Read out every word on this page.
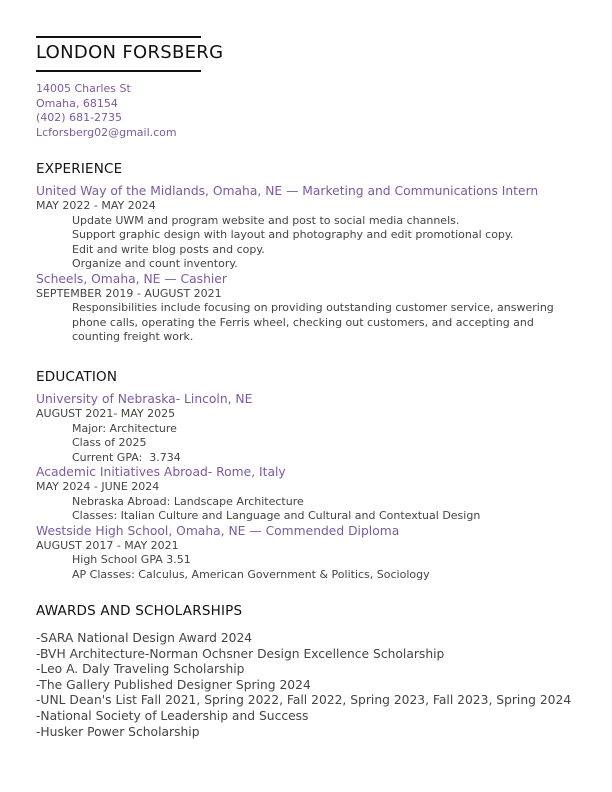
LONDON FORSBERG
14005 Charles St
Omaha, 68154
(402) 681-2735
Lcforsberg02@gmail.com
EXPERIENCE
United Way of the Midlands, Omaha, NE — Marketing and Communications Intern
MAY 2022 - MAY 2024
Update UWM and program website and post to social media channels.
Support graphic design with layout and photography and edit promotional copy.
Edit and write blog posts and copy.
Organize and count inventory.
Scheels, Omaha, NE — Cashier
SEPTEMBER 2019 - AUGUST 2021
Responsibilities include focusing on providing outstanding customer service, answering phone calls, operating the Ferris wheel, checking out customers, and accepting and counting freight work.
EDUCATION
University of Nebraska- Lincoln, NE
AUGUST 2021- MAY 2025
Major: Architecture
Class of 2025
Current GPA:  3.734
Academic Initiatives Abroad- Rome, Italy
MAY 2024 - JUNE 2024
Nebraska Abroad: Landscape Architecture
Classes: Italian Culture and Language and Cultural and Contextual Design
Westside High School, Omaha, NE — Commended Diploma
AUGUST 2017 - MAY 2021
High School GPA 3.51
AP Classes: Calculus, American Government & Politics, Sociology
AWARDS AND SCHOLARSHIPS
-SARA National Design Award 2024
-BVH Architecture-Norman Ochsner Design Excellence Scholarship
-Leo A. Daly Traveling Scholarship
-The Gallery Published Designer Spring 2024
-UNL Dean's List Fall 2021, Spring 2022, Fall 2022, Spring 2023, Fall 2023, Spring 2024
-National Society of Leadership and Success
-Husker Power Scholarship
